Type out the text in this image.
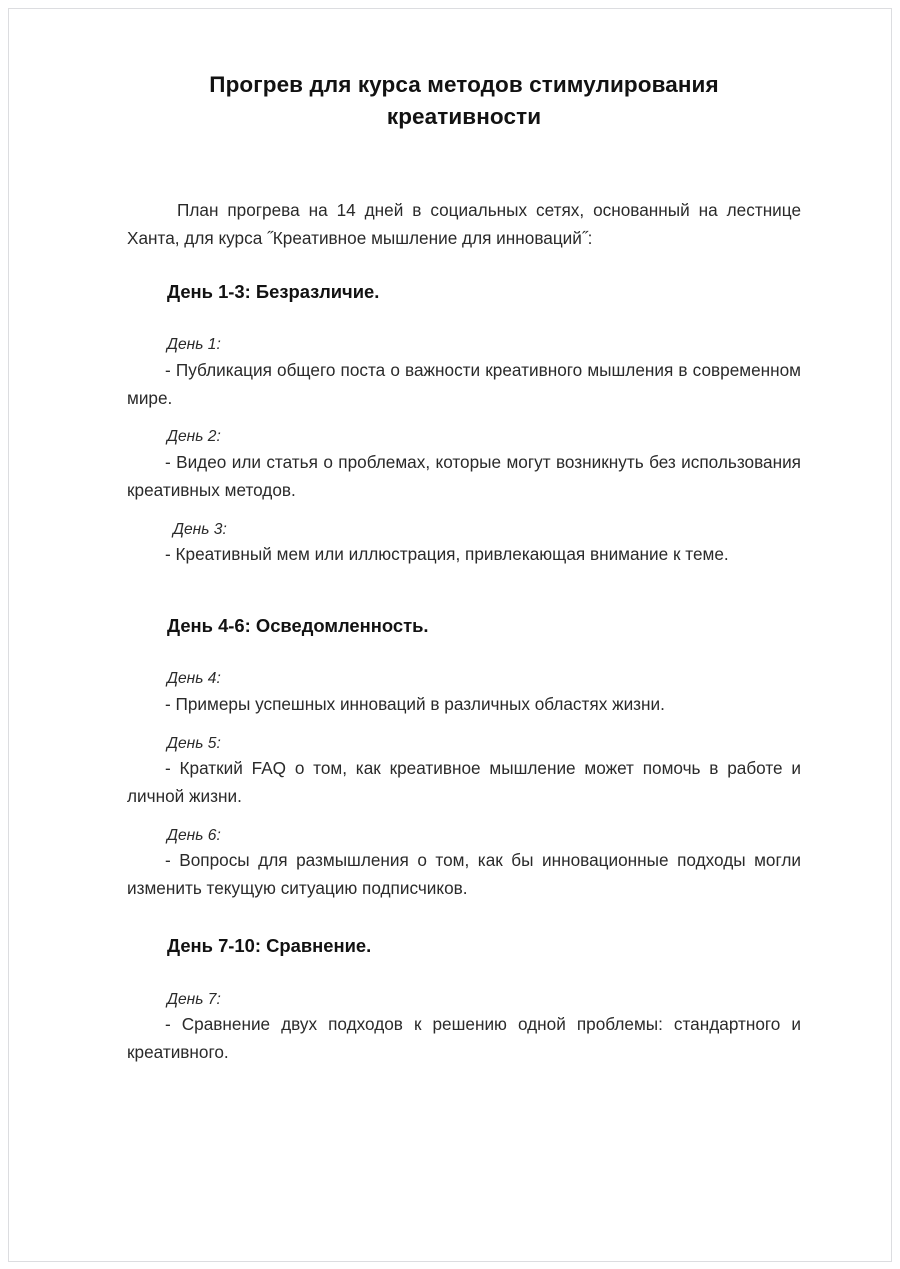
Прогрев для курса методов стимулирования креативности

План прогрева на 14 дней в социальных сетях, основанный на лестнице Ханта, для курса ˝Креативное мышление для инноваций˝:

День 1-3: Безразличие.

День 1:

- Публикация общего поста о важности креативного мышления в современном мире.

День 2:

- Видео или статья о проблемах, которые могут возникнуть без использования креативных методов.

День 3:

- Креативный мем или иллюстрация, привлекающая внимание к теме.

День 4-6: Осведомленность.

День 4:

- Примеры успешных инноваций в различных областях жизни.

День 5:

- Краткий FAQ о том, как креативное мышление может помочь в работе и личной жизни.

День 6:

- Вопросы для размышления о том, как бы инновационные подходы могли изменить текущую ситуацию подписчиков.

День 7-10: Сравнение.

День 7:

- Сравнение двух подходов к решению одной проблемы: стандартного и креативного.
